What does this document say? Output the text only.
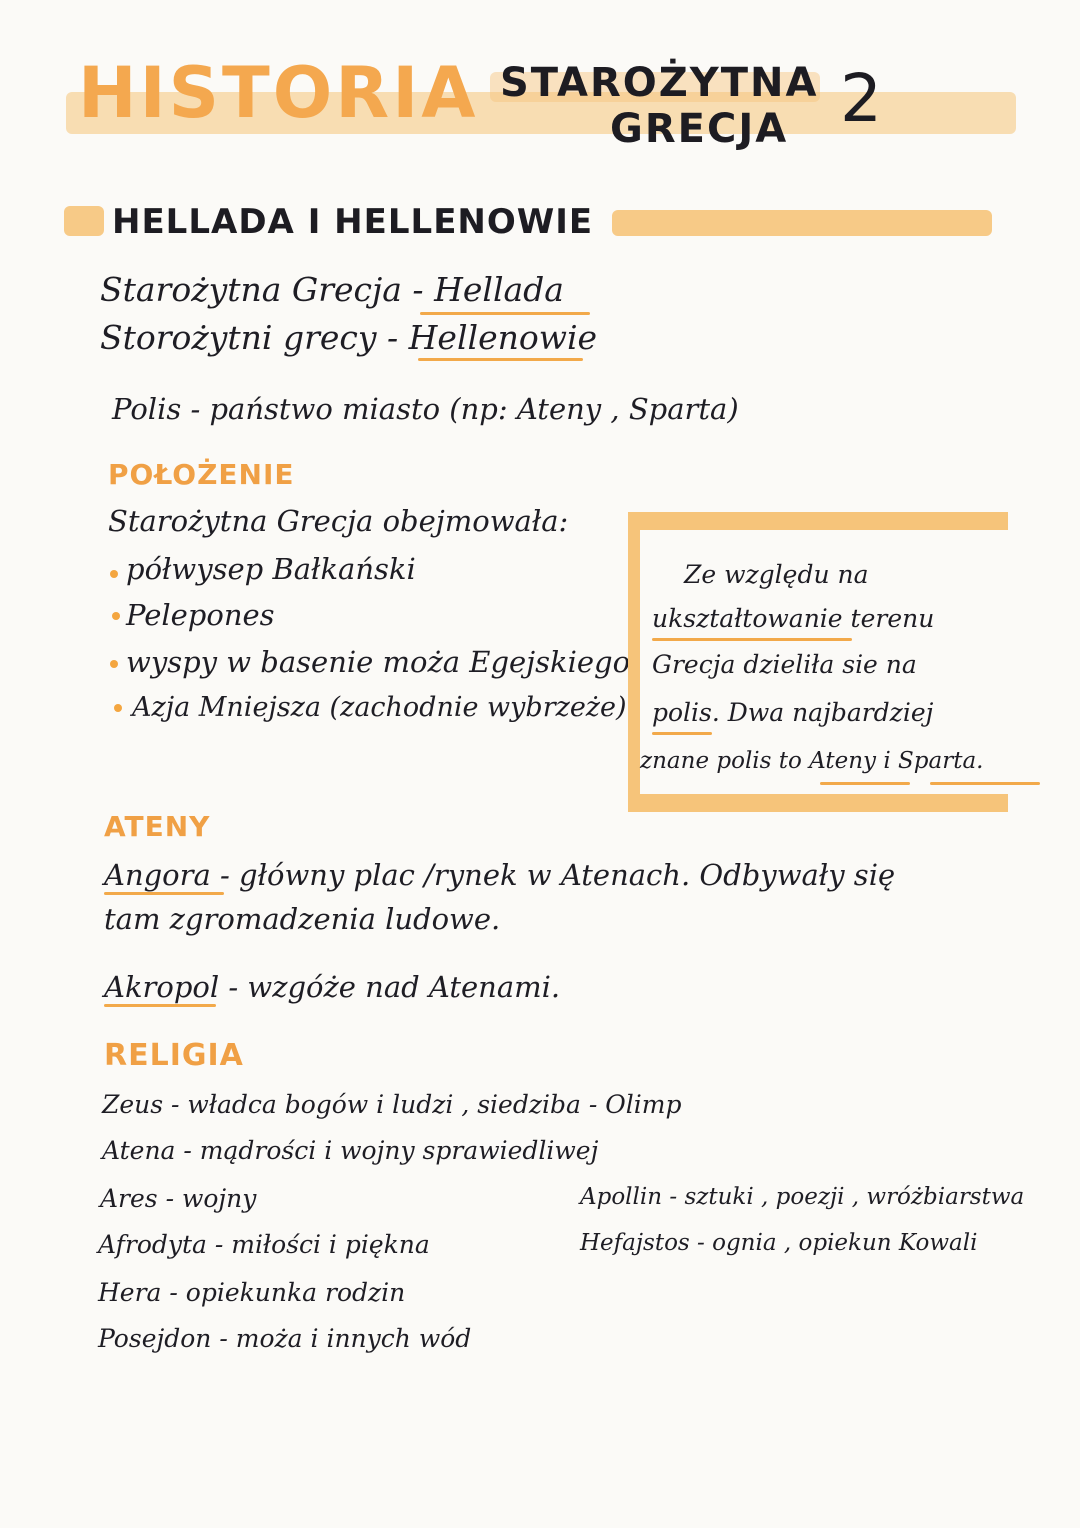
HISTORIA STAROŻYTNA
GRECJA 2
HELLADA I HELLENOWIE
Starożytna Grecja - Hellada
Storożytni grecy - Hellenowie
Polis - państwo miasto (np: Ateny , Sparta)
POŁOŻENIE
Starożytna Grecja obejmowała:
półwysep Bałkański
Pelepones
wyspy w basenie moża Egejskiego
Azja Mniejsza (zachodnie wybrzeże)
Ze względu na
ukształtowanie terenu
Grecja dzieliła sie na
polis. Dwa najbardziej
znane polis to Ateny i Sparta.
ATENY
Angora - główny plac /rynek w Atenach. Odbywały się
tam zgromadzenia ludowe.
Akropol - wzgóże nad Atenami.
RELIGIA
Zeus - władca bogów i ludzi , siedziba - Olimp
Atena - mądrości i wojny sprawiedliwej
Ares - wojny
Afrodyta - miłości i piękna
Hera - opiekunka rodzin
Posejdon - moża i innych wód
Apollin - sztuki , poezji , wróżbiarstwa
Hefajstos - ognia , opiekun Kowali
